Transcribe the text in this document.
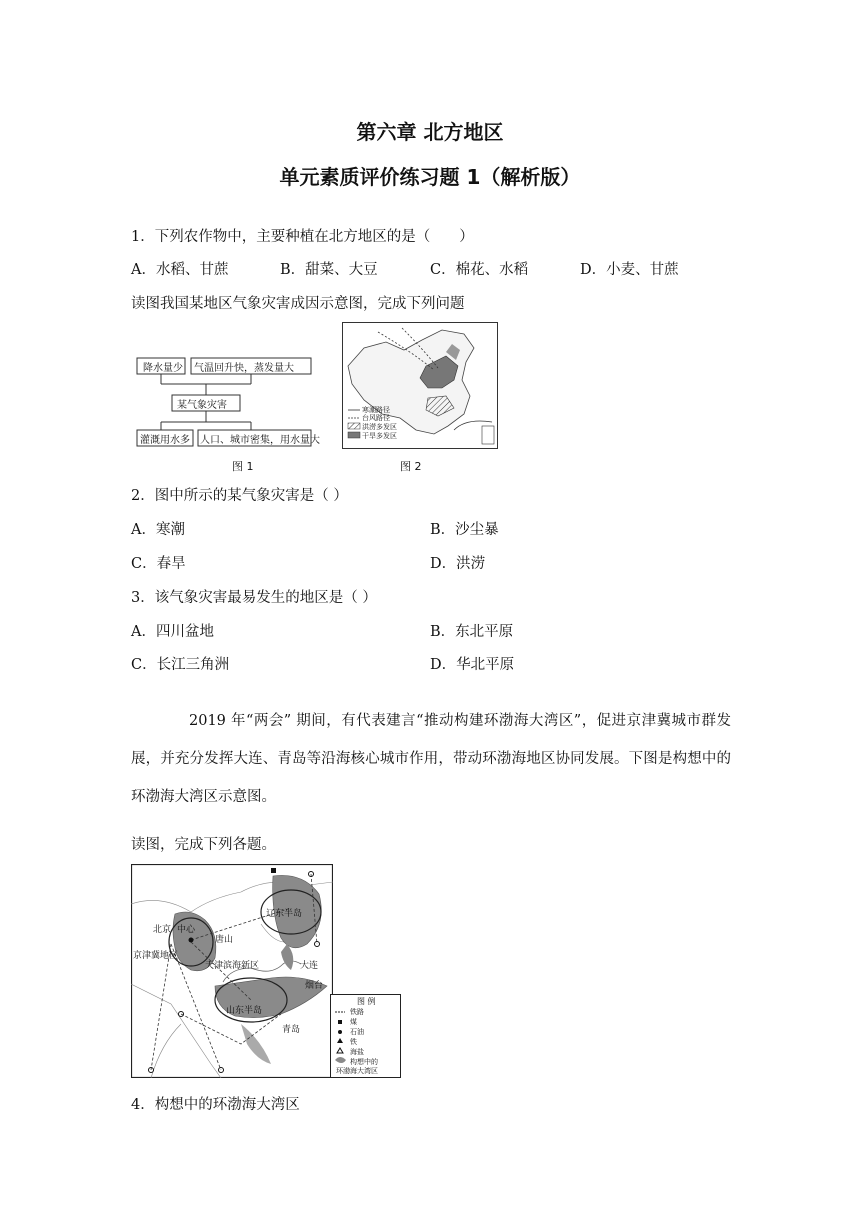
第六章 北方地区
单元素质评价练习题 1（解析版）
1．下列农作物中，主要种植在北方地区的是（　　）
A．水稻、甘蔗	B．甜菜、大豆	C．棉花、水稻	D．小麦、甘蔗
读图我国某地区气象灾害成因示意图，完成下列问题
降水量少 气温回升快，蒸发量大
某气象灾害
灌溉用水多 人口、城市密集，用水量大
图 1
寒潮路径
台风路径
洪涝多发区
干旱多发区
图 2
2．图中所示的某气象灾害是（ ）
A．寒潮	B．沙尘暴
C．春旱	D．洪涝
3．该气象灾害最易发生的地区是（ ）
A．四川盆地	B．东北平原
C．长江三角洲	D．华北平原
2019 年“两会” 期间，有代表建言“推动构建环渤海大湾区”，促进京津冀城市群发展，并充分发挥大连、青岛等沿海核心城市作用，带动环渤海地区协同发展。下图是构想中的环渤海大湾区示意图。
读图，完成下列各题。
北京 中心
京津冀地区
唐山
天津滨海新区
辽东半岛
大连
烟台
山东半岛
青岛
图 例
铁路
煤
石油
铁
海盐
构想中的
环渤海大湾区
4．构想中的环渤海大湾区
